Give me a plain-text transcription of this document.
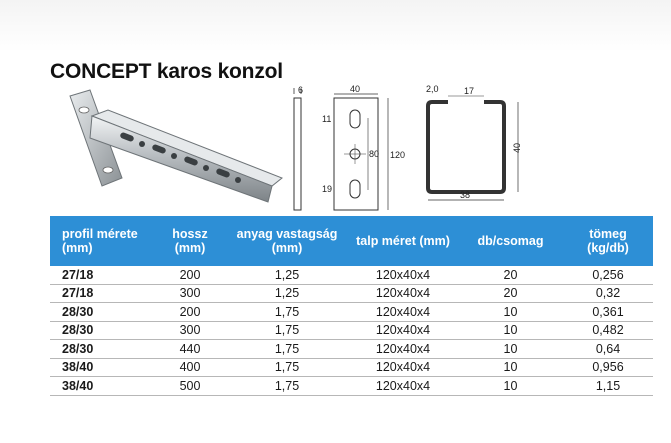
CONCEPT karos konzol
6	40
11
19
80 120
2,0	17
40
38
profil mérete (mm)	hossz (mm)	anyag vastagság (mm)	talp méret (mm)	db/csomag	tömeg (kg/db)
27/18	200	1,25	120x40x4	20	0,256
27/18	300	1,25	120x40x4	20	0,32
28/30	200	1,75	120x40x4	10	0,361
28/30	300	1,75	120x40x4	10	0,482
28/30	440	1,75	120x40x4	10	0,64
38/40	400	1,75	120x40x4	10	0,956
38/40	500	1,75	120x40x4	10	1,15
